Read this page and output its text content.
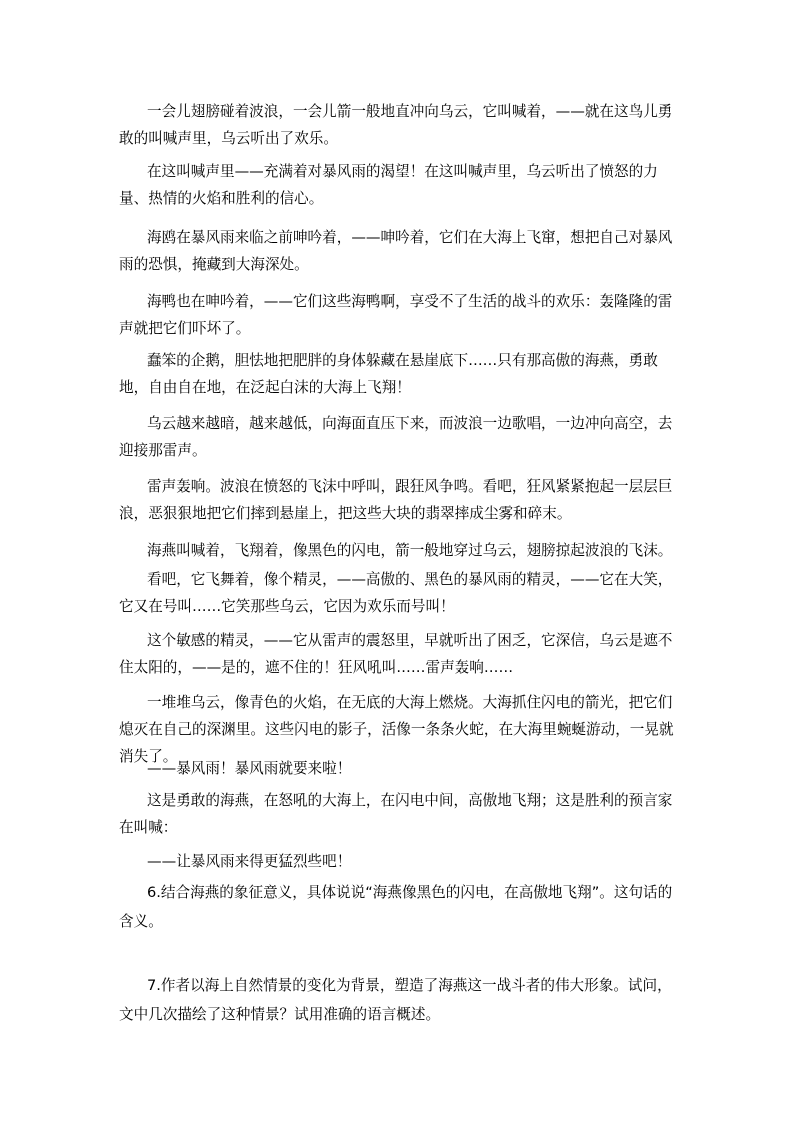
一会儿翅膀碰着波浪，一会儿箭一般地直冲向乌云，它叫喊着，——就在这鸟儿勇敢的叫喊声里，乌云听出了欢乐。
在这叫喊声里——充满着对暴风雨的渴望！在这叫喊声里，乌云听出了愤怒的力量、热情的火焰和胜利的信心。
海鸥在暴风雨来临之前呻吟着，——呻吟着，它们在大海上飞窜，想把自己对暴风雨的恐惧，掩藏到大海深处。
海鸭也在呻吟着，——它们这些海鸭啊，享受不了生活的战斗的欢乐：轰隆隆的雷声就把它们吓坏了。
蠢笨的企鹅，胆怯地把肥胖的身体躲藏在悬崖底下……只有那高傲的海燕，勇敢地，自由自在地，在泛起白沫的大海上飞翔！
乌云越来越暗，越来越低，向海面直压下来，而波浪一边歌唱，一边冲向高空，去迎接那雷声。
雷声轰响。波浪在愤怒的飞沫中呼叫，跟狂风争鸣。看吧，狂风紧紧抱起一层层巨浪，恶狠狠地把它们摔到悬崖上，把这些大块的翡翠摔成尘雾和碎末。
海燕叫喊着，飞翔着，像黑色的闪电，箭一般地穿过乌云，翅膀掠起波浪的飞沫。
看吧，它飞舞着，像个精灵，——高傲的、黑色的暴风雨的精灵，——它在大笑，它又在号叫……它笑那些乌云，它因为欢乐而号叫！
这个敏感的精灵，——它从雷声的震怒里，早就听出了困乏，它深信，乌云是遮不住太阳的，——是的，遮不住的！狂风吼叫……雷声轰响……
一堆堆乌云，像青色的火焰，在无底的大海上燃烧。大海抓住闪电的箭光，把它们熄灭在自己的深渊里。这些闪电的影子，活像一条条火蛇，在大海里蜿蜒游动，一晃就消失了。
——暴风雨！暴风雨就要来啦！
这是勇敢的海燕，在怒吼的大海上，在闪电中间，高傲地飞翔；这是胜利的预言家在叫喊：
——让暴风雨来得更猛烈些吧！
6.结合海燕的象征意义，具体说说“海燕像黑色的闪电，在高傲地飞翔”。这句话的含义。
7.作者以海上自然情景的变化为背景，塑造了海燕这一战斗者的伟大形象。试问，文中几次描绘了这种情景？试用准确的语言概述。
